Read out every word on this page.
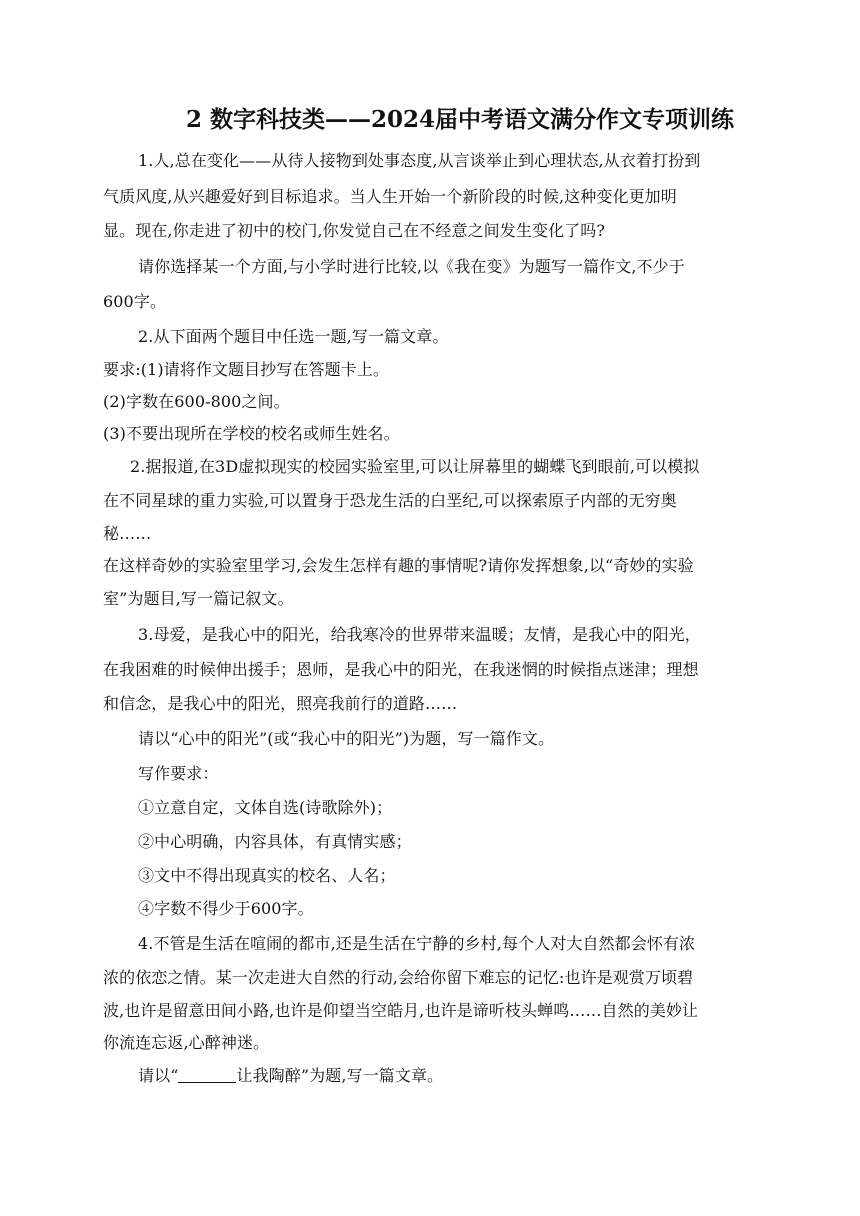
2 数字科技类——2024届中考语文满分作文专项训练
1.人,总在变化——从待人接物到处事态度,从言谈举止到心理状态,从衣着打扮到
气质风度,从兴趣爱好到目标追求。当人生开始一个新阶段的时候,这种变化更加明
显。现在,你走进了初中的校门,你发觉自己在不经意之间发生变化了吗?
请你选择某一个方面,与小学时进行比较,以《我在变》为题写一篇作文,不少于
600字。
2.从下面两个题目中任选一题,写一篇文章。
要求:(1)请将作文题目抄写在答题卡上。
(2)字数在600-800之间。
(3)不要出现所在学校的校名或师生姓名。
2.据报道,在3D虚拟现实的校园实验室里,可以让屏幕里的蝴蝶飞到眼前,可以模拟
在不同星球的重力实验,可以置身于恐龙生活的白垩纪,可以探索原子内部的无穷奥
秘……
在这样奇妙的实验室里学习,会发生怎样有趣的事情呢?请你发挥想象,以“奇妙的实验
室”为题目,写一篇记叙文。
3.母爱，是我心中的阳光，给我寒冷的世界带来温暖；友情，是我心中的阳光，
在我困难的时候伸出援手；恩师，是我心中的阳光，在我迷惘的时候指点迷津；理想
和信念，是我心中的阳光，照亮我前行的道路……
请以“心中的阳光”(或“我心中的阳光”)为题，写一篇作文。
写作要求：
①立意自定，文体自选(诗歌除外)；
②中心明确，内容具体，有真情实感；
③文中不得出现真实的校名、人名；
④字数不得少于600字。
4.不管是生活在喧闹的都市,还是生活在宁静的乡村,每个人对大自然都会怀有浓
浓的依恋之情。某一次走进大自然的行动,会给你留下难忘的记忆:也许是观赏万顷碧
波,也许是留意田间小路,也许是仰望当空皓月,也许是谛听枝头蝉鸣……自然的美妙让
你流连忘返,心醉神迷。
请以“	让我陶醉”为题,写一篇文章。
